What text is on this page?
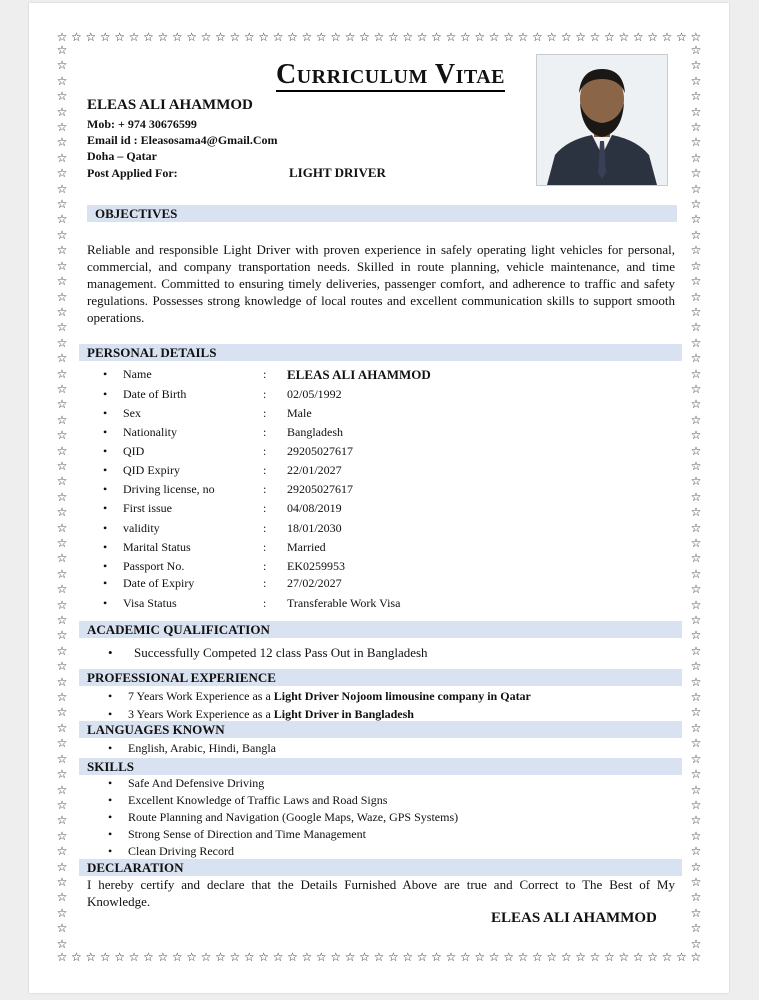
☆ ☆ ☆ ☆ ☆ ☆ ☆ ☆ ☆ ☆ ☆ ☆ ☆ ☆ ☆ ☆ ☆ ☆ ☆ ☆ ☆ ☆ ☆ ☆ ☆ ☆ ☆ ☆ ☆ ☆ ☆ ☆ ☆ ☆ ☆ ☆ ☆ ☆ ☆ ☆ ☆ ☆ ☆ ☆ ☆
☆ ☆ ☆ ☆ ☆ ☆ ☆ ☆ ☆ ☆ ☆ ☆ ☆ ☆ ☆ ☆ ☆ ☆ ☆ ☆ ☆ ☆ ☆ ☆ ☆ ☆ ☆ ☆ ☆ ☆ ☆ ☆ ☆ ☆ ☆ ☆ ☆ ☆ ☆ ☆ ☆ ☆ ☆ ☆ ☆
☆
☆
☆
☆
☆
☆
☆
☆
☆
☆
☆
☆
☆
☆
☆
☆
☆
☆
☆
☆
☆
☆
☆
☆
☆
☆
☆
☆
☆
☆
☆
☆
☆
☆
☆
☆
☆
☆
☆
☆
☆
☆
☆
☆
☆
☆
☆
☆
☆
☆
☆
☆
☆
☆
☆
☆
☆
☆
☆
☆
☆
☆
☆
☆
☆
☆
☆
☆
☆
☆
☆
☆
☆
☆
☆
☆
☆
☆
☆
☆
☆
☆
☆
☆
☆
☆
☆
☆
☆
☆
☆
☆
☆
☆
☆
☆
☆
☆
☆
☆
☆
☆
☆
☆
☆
☆
☆
☆
☆
☆
☆
☆
☆
☆
☆
☆
☆
☆
Curriculum Vitae
ELEAS ALI AHAMMOD
Mob: + 974 30676599
Email id : Eleasosama4@Gmail.Com
Doha – Qatar
Post Applied For:	LIGHT DRIVER
OBJECTIVES
Reliable and responsible Light Driver with proven experience in safely operating light vehicles for personal, commercial, and company transportation needs. Skilled in route planning, vehicle maintenance, and time management. Committed to ensuring timely deliveries, passenger comfort, and adherence to traffic and safety regulations. Possesses strong knowledge of local routes and excellent communication skills to support smooth operations.
PERSONAL DETAILS
• Name	: ELEAS ALI AHAMMOD
• Date of Birth	: 02/05/1992
• Sex	: Male
• Nationality	: Bangladesh
• QID	: 29205027617
• QID Expiry	: 22/01/2027
• Driving license, no	: 29205027617
• First issue	: 04/08/2019
• validity	: 18/01/2030
• Marital Status	: Married
• Passport No.	: EK0259953
• Date of Expiry	: 27/02/2027
• Visa Status	: Transferable Work Visa
ACADEMIC QUALIFICATION
• Successfully Competed 12 class Pass Out in Bangladesh
PROFESSIONAL EXPERIENCE
• 7 Years Work Experience as a Light Driver Nojoom limousine company in Qatar
• 3 Years Work Experience as a Light Driver in Bangladesh
LANGUAGES KNOWN
• English, Arabic, Hindi, Bangla
SKILLS
• Safe And Defensive Driving
• Excellent Knowledge of Traffic Laws and Road Signs
• Route Planning and Navigation (Google Maps, Waze, GPS Systems)
• Strong Sense of Direction and Time Management
• Clean Driving Record
DECLARATION
I hereby certify and declare that the Details Furnished Above are true and Correct to The Best of My Knowledge.
ELEAS ALI AHAMMOD
